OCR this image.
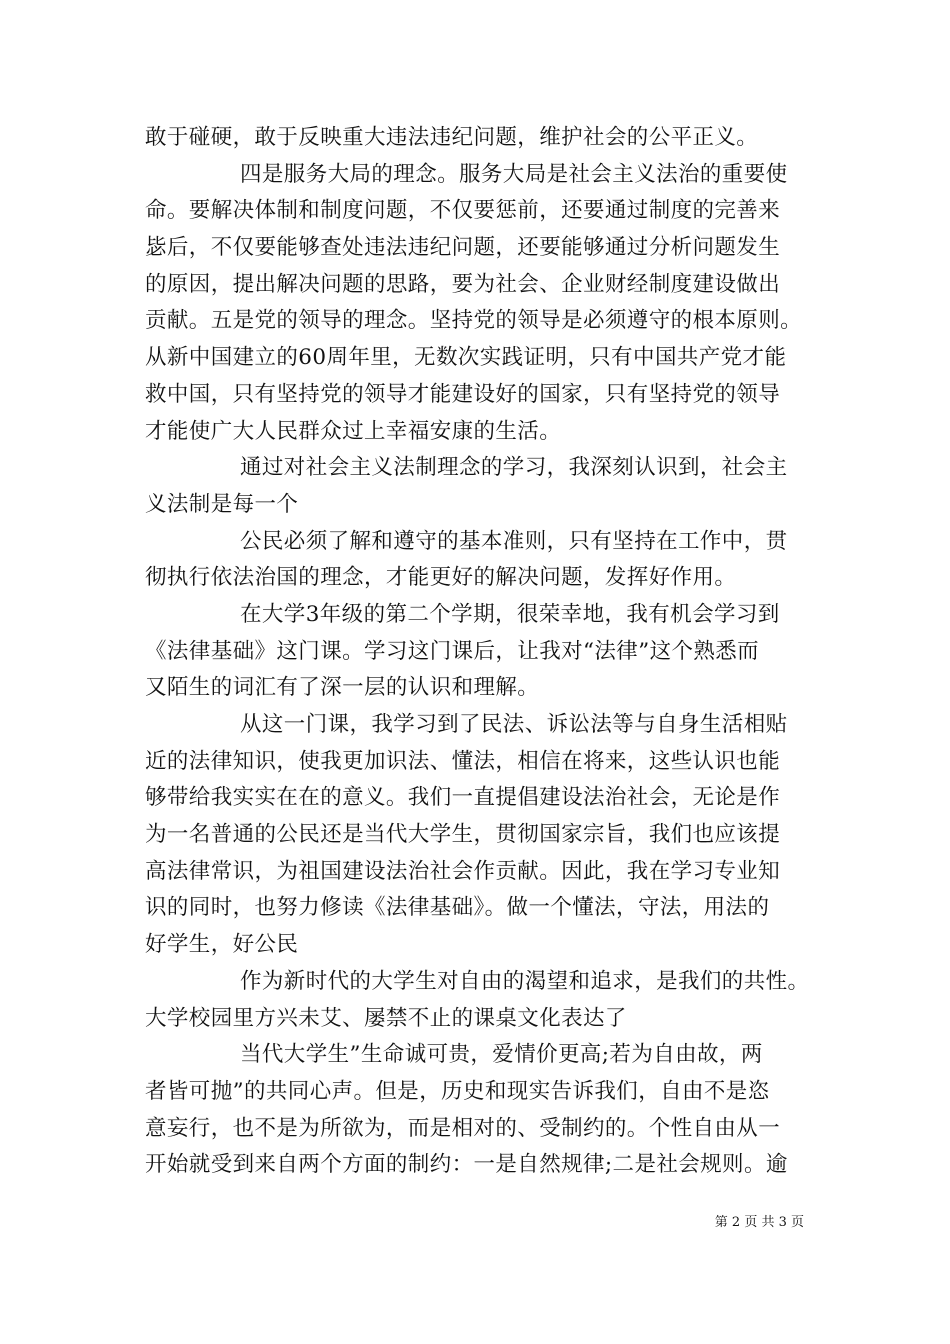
敢于碰硬，敢于反映重大违法违纪问题，维护社会的公平正义。
四是服务大局的理念。服务大局是社会主义法治的重要使
命。要解决体制和制度问题，不仅要惩前，还要通过制度的完善来
毖后，不仅要能够查处违法违纪问题，还要能够通过分析问题发生
的原因，提出解决问题的思路，要为社会、企业财经制度建设做出
贡献。五是党的领导的理念。坚持党的领导是必须遵守的根本原则。
从新中国建立的60周年里，无数次实践证明，只有中国共产党才能
救中国，只有坚持党的领导才能建设好的国家，只有坚持党的领导
才能使广大人民群众过上幸福安康的生活。
通过对社会主义法制理念的学习，我深刻认识到，社会主
义法制是每一个
公民必须了解和遵守的基本准则，只有坚持在工作中，贯
彻执行依法治国的理念，才能更好的解决问题，发挥好作用。
在大学3年级的第二个学期，很荣幸地，我有机会学习到
《法律基础》这门课。学习这门课后，让我对“法律”这个熟悉而
又陌生的词汇有了深一层的认识和理解。
从这一门课，我学习到了民法、诉讼法等与自身生活相贴
近的法律知识，使我更加识法、懂法，相信在将来，这些认识也能
够带给我实实在在的意义。我们一直提倡建设法治社会，无论是作
为一名普通的公民还是当代大学生，贯彻国家宗旨，我们也应该提
高法律常识，为祖国建设法治社会作贡献。因此，我在学习专业知
识的同时，也努力修读《法律基础》。做一个懂法，守法，用法的
好学生，好公民
作为新时代的大学生对自由的渴望和追求，是我们的共性。
大学校园里方兴未艾、屡禁不止的课桌文化表达了
当代大学生”生命诚可贵，爱情价更高;若为自由故，两
者皆可抛”的共同心声。但是，历史和现实告诉我们，自由不是恣
意妄行，也不是为所欲为，而是相对的、受制约的。个性自由从一
开始就受到来自两个方面的制约：一是自然规律;二是社会规则。逾
第 2 页 共 3 页
